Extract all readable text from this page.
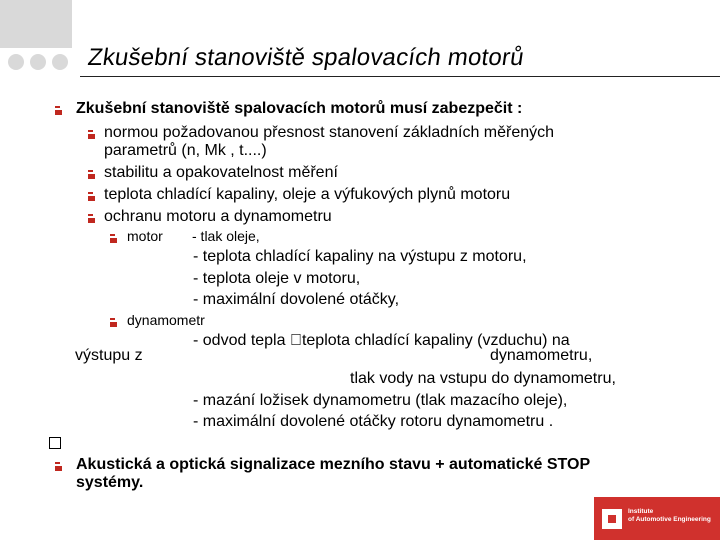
Zkušební stanoviště spalovacích motorů
Zkušební stanoviště spalovacích motorů musí zabezpečit :
normou požadovanou přesnost stanovení základních měřených
parametrů (n, Mk , t....)
stabilitu a opakovatelnost měření
teplota chladící kapaliny, oleje a výfukových plynů motoru
ochranu motoru a dynamometru
motor - tlak oleje,
- teplota chladící kapaliny na výstupu z motoru,
- teplota oleje v motoru,
- maximální dovolené otáčky,
dynamometr
- odvod tepla  teplota chladící kapaliny (vzduchu) na
výstupu z	dynamometru,
tlak vody na vstupu do dynamometru,
- mazání ložisek dynamometru (tlak mazacího oleje),
- maximální dovolené otáčky rotoru dynamometru .
Akustická a optická signalizace mezního stavu + automatické STOP
systémy.
Institute
of Automotive Engineering
